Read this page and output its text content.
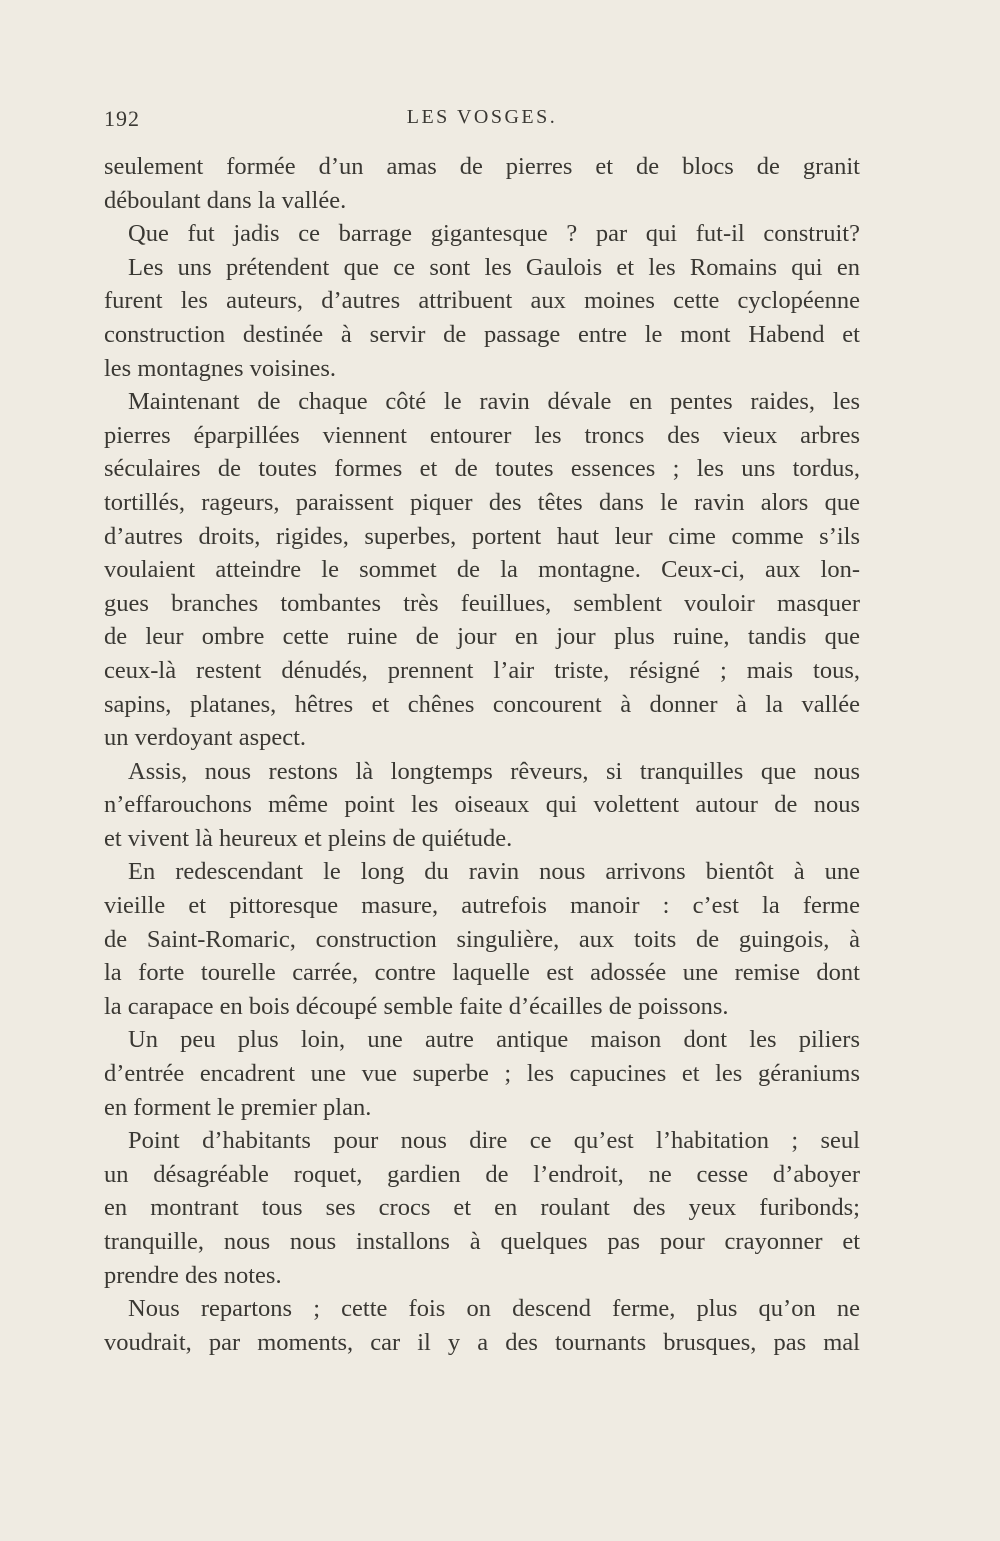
192	LES VOSGES.
seulement formée d’un amas de pierres et de blocs de granit
déboulant dans la vallée.
Que fut jadis ce barrage gigantesque ? par qui fut-il construit?
Les uns prétendent que ce sont les Gaulois et les Romains qui en
furent les auteurs, d’autres attribuent aux moines cette cyclopéenne
construction destinée à servir de passage entre le mont Habend et
les montagnes voisines.
Maintenant de chaque côté le ravin dévale en pentes raides, les
pierres éparpillées viennent entourer les troncs des vieux arbres
séculaires de toutes formes et de toutes essences ; les uns tordus,
tortillés, rageurs, paraissent piquer des têtes dans le ravin alors que
d’autres droits, rigides, superbes, portent haut leur cime comme s’ils
voulaient atteindre le sommet de la montagne. Ceux-ci, aux lon-
gues branches tombantes très feuillues, semblent vouloir masquer
de leur ombre cette ruine de jour en jour plus ruine, tandis que
ceux-là restent dénudés, prennent l’air triste, résigné ; mais tous,
sapins, platanes, hêtres et chênes concourent à donner à la vallée
un verdoyant aspect.
Assis, nous restons là longtemps rêveurs, si tranquilles que nous
n’effarouchons même point les oiseaux qui volettent autour de nous
et vivent là heureux et pleins de quiétude.
En redescendant le long du ravin nous arrivons bientôt à une
vieille et pittoresque masure, autrefois manoir : c’est la ferme
de Saint-Romaric, construction singulière, aux toits de guingois, à
la forte tourelle carrée, contre laquelle est adossée une remise dont
la carapace en bois découpé semble faite d’écailles de poissons.
Un peu plus loin, une autre antique maison dont les piliers
d’entrée encadrent une vue superbe ; les capucines et les géraniums
en forment le premier plan.
Point d’habitants pour nous dire ce qu’est l’habitation ; seul
un désagréable roquet, gardien de l’endroit, ne cesse d’aboyer
en montrant tous ses crocs et en roulant des yeux furibonds;
tranquille, nous nous installons à quelques pas pour crayonner et
prendre des notes.
Nous repartons ; cette fois on descend ferme, plus qu’on ne
voudrait, par moments, car il y a des tournants brusques, pas mal
